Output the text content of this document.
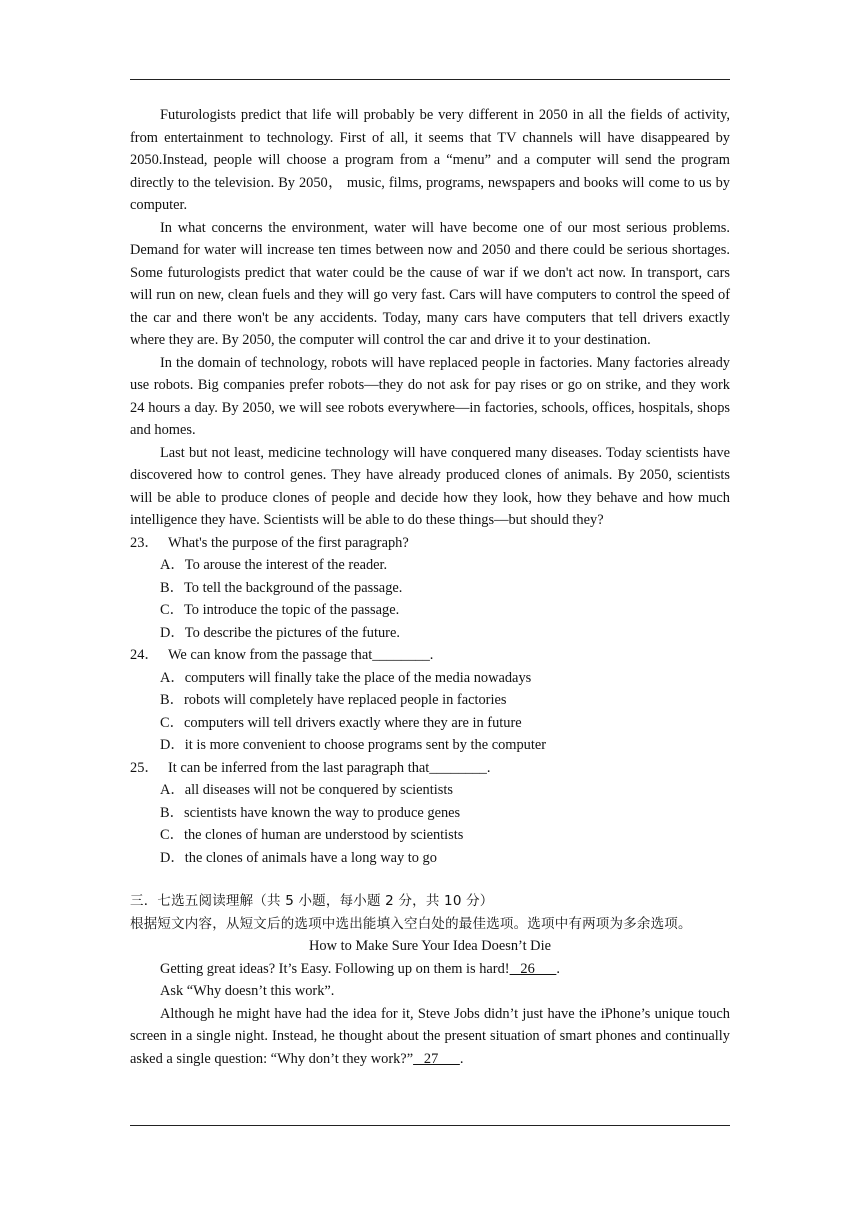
Futurologists predict that life will probably be very different in 2050 in all the fields of activity, from entertainment to technology. First of all, it seems that TV channels will have disappeared by 2050.Instead, people will choose a program from a “menu” and a computer will send the program directly to the television. By 2050， music, films, programs, newspapers and books will come to us by computer.

In what concerns the environment, water will have become one of our most serious problems. Demand for water will increase ten times between now and 2050 and there could be serious shortages. Some futurologists predict that water could be the cause of war if we don't act now. In transport, cars will run on new, clean fuels and they will go very fast. Cars will have computers to control the speed of the car and there won't be any accidents. Today, many cars have computers that tell drivers exactly where they are. By 2050, the computer will control the car and drive it to your destination.

In the domain of technology, robots will have replaced people in factories. Many factories already use robots. Big companies prefer robots—they do not ask for pay rises or go on strike, and they work 24 hours a day. By 2050, we will see robots everywhere—in factories, schools, offices, hospitals, shops and homes.

Last but not least, medicine technology will have conquered many diseases. Today scientists have discovered how to control genes. They have already produced clones of animals. By 2050, scientists will be able to produce clones of people and decide how they look, how they behave and how much intelligence they have. Scientists will be able to do these things—but should they?

23． What's the purpose of the first paragraph?

A．To arouse the interest of the reader.

B．To tell the background of the passage.

C．To introduce the topic of the passage.

D．To describe the pictures of the future.

24． We can know from the passage that________.

A．computers will finally take the place of the media nowadays

B．robots will completely have replaced people in factories

C．computers will tell drivers exactly where they are in future

D．it is more convenient to choose programs sent by the computer

25． It can be inferred from the last paragraph that________.

A．all diseases will not be conquered by scientists

B．scientists have known the way to produce genes

C．the clones of human are understood by scientists

D．the clones of animals have a long way to go

三．七选五阅读理解（共 5 小题，每小题 2 分，共 10 分）

根据短文内容，从短文后的选项中选出能填入空白处的最佳选项。选项中有两项为多余选项。

How to Make Sure Your Idea Doesn’t Die

Getting great ideas? It’s Easy. Following up on them is hard!   26      .

Ask “Why doesn’t this work”.

Although he might have had the idea for it, Steve Jobs didn’t just have the iPhone’s unique touch screen in a single night. Instead, he thought about the present situation of smart phones and continually asked a single question: “Why don’t they work?”   27      .
